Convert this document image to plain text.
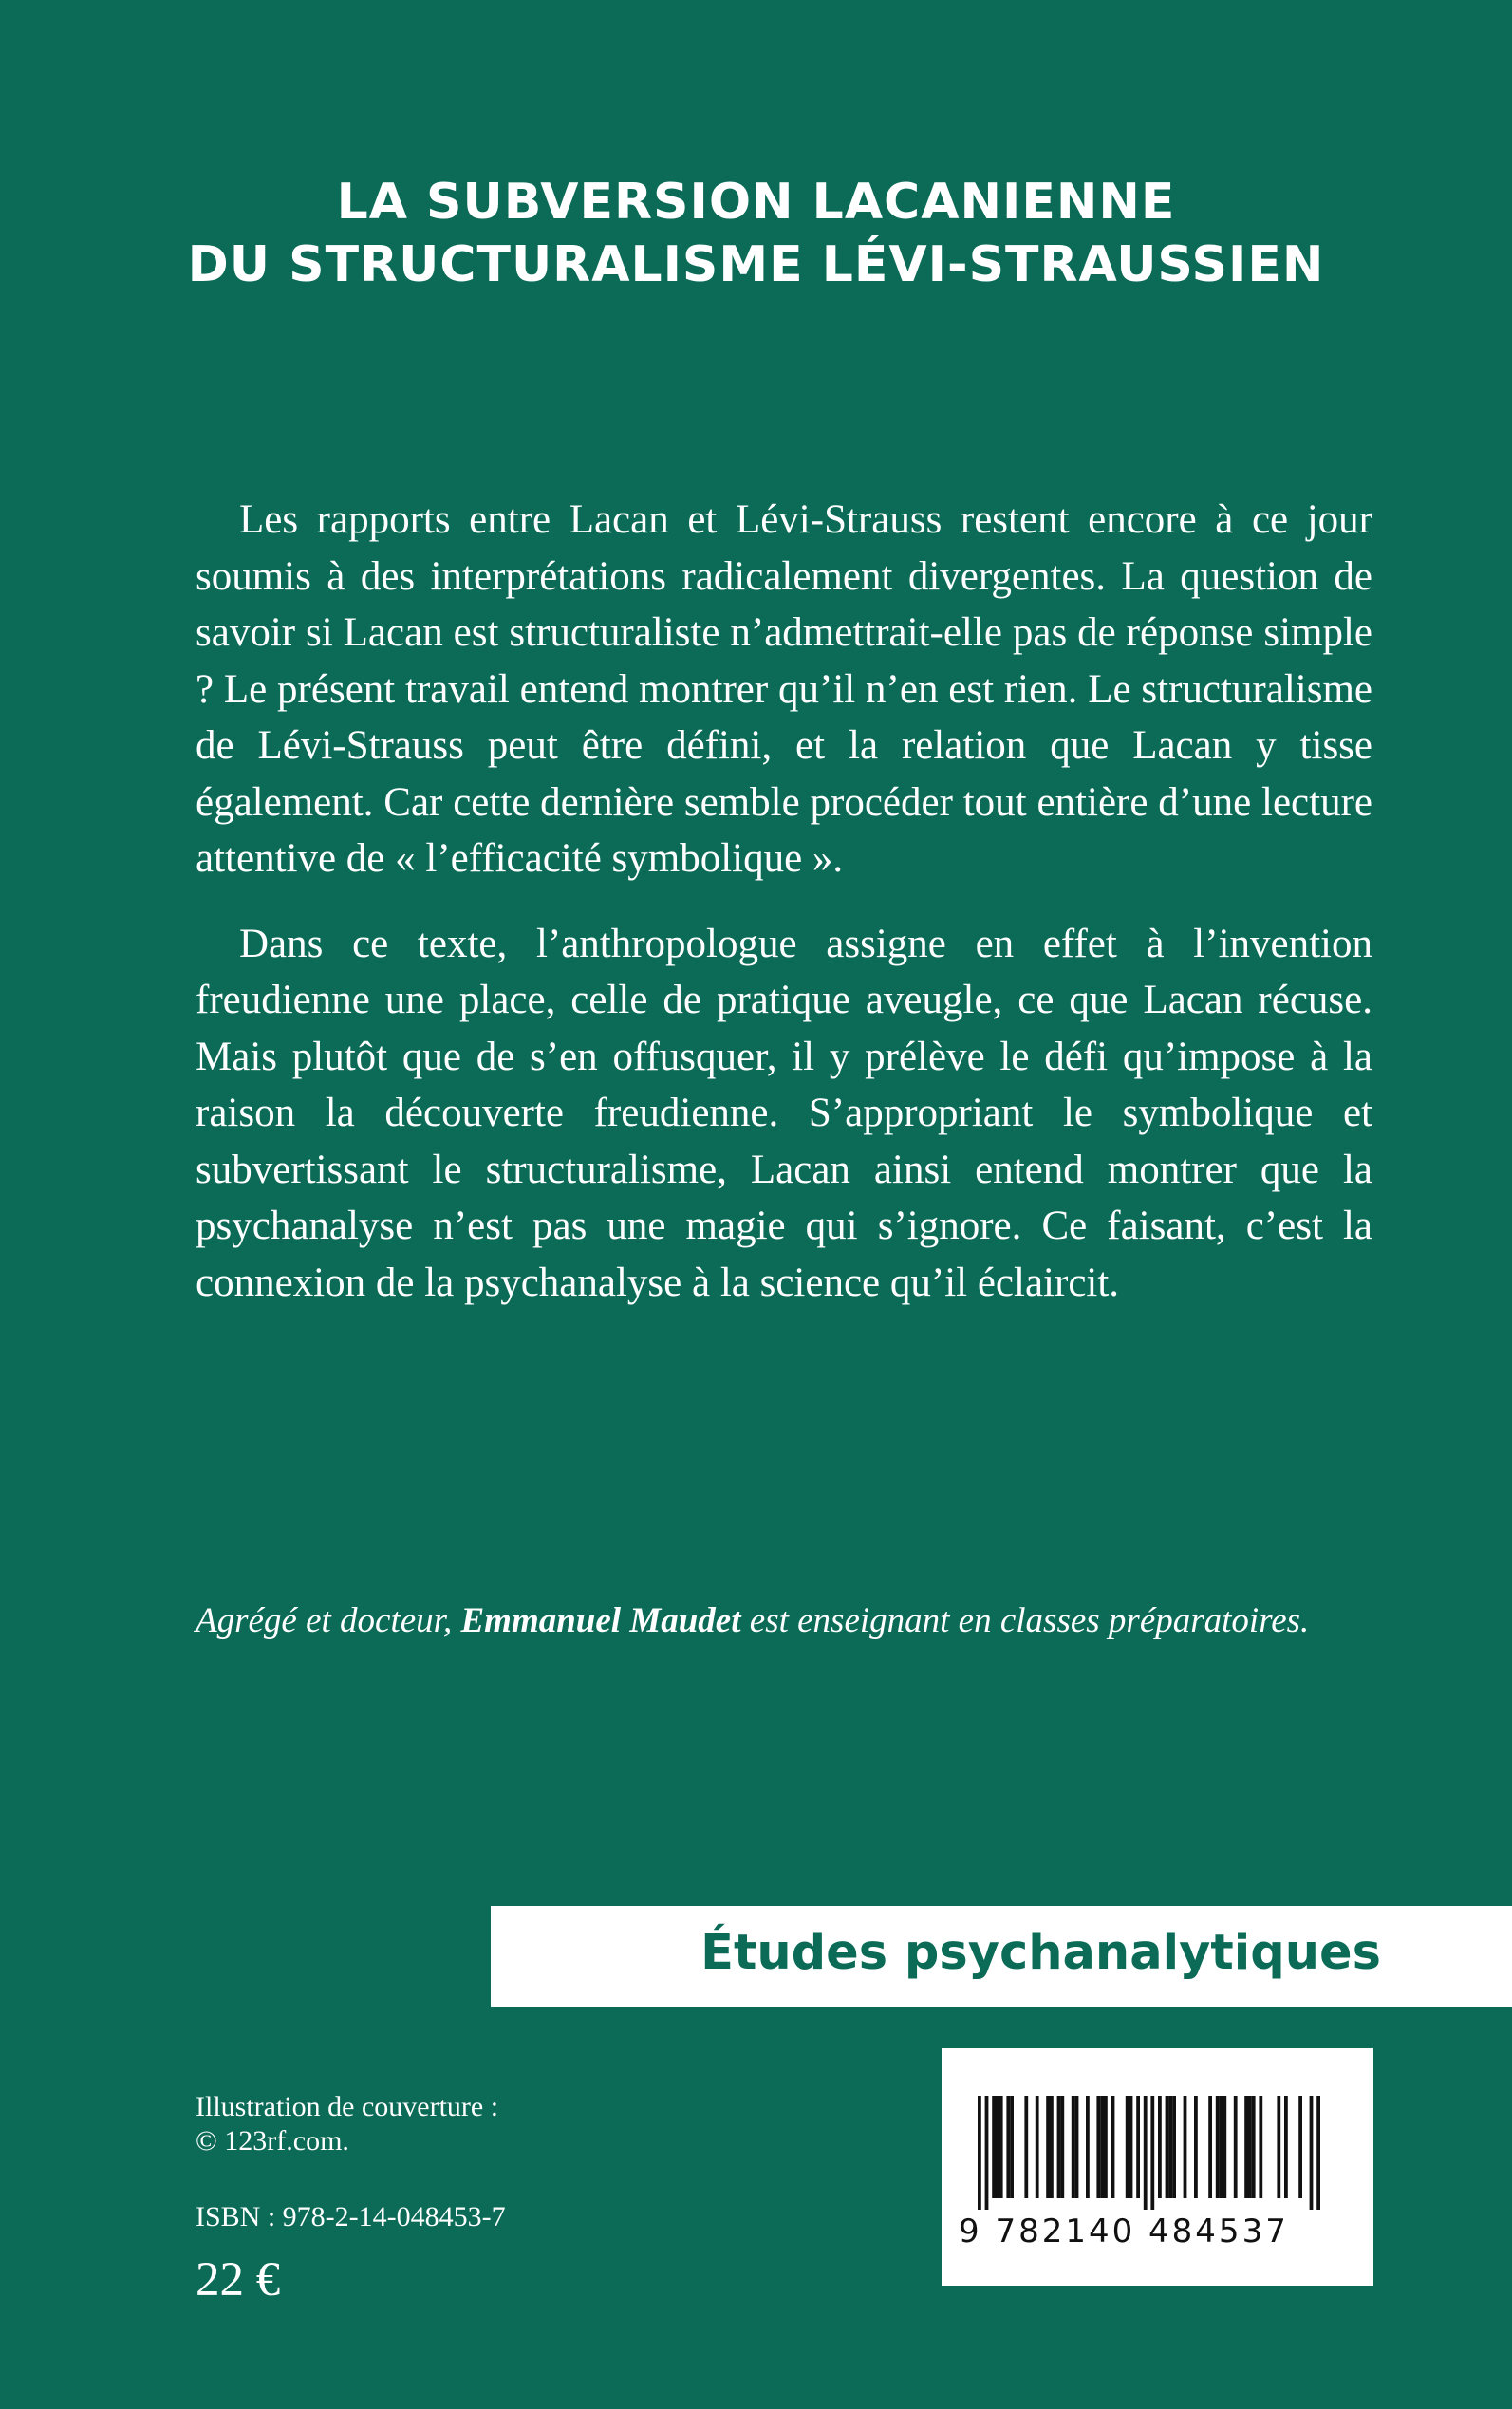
LA SUBVERSION LACANIENNE
DU STRUCTURALISME LÉVI-STRAUSSIEN

Les rapports entre Lacan et Lévi-Strauss restent encore à ce jour soumis à des interprétations radicalement divergentes. La question de savoir si Lacan est structuraliste n’admettrait-elle pas de réponse simple ? Le présent travail entend montrer qu’il n’en est rien. Le structuralisme de Lévi-Strauss peut être défini, et la relation que Lacan y tisse également. Car cette dernière semble procéder tout entière d’une lecture attentive de « l’efficacité symbolique ».

Dans ce texte, l’anthropologue assigne en effet à l’invention freudienne une place, celle de pratique aveugle, ce que Lacan récuse. Mais plutôt que de s’en offusquer, il y prélève le défi qu’impose à la raison la découverte freudienne. S’appropriant le symbolique et subvertissant le structuralisme, Lacan ainsi entend montrer que la psychanalyse n’est pas une magie qui s’ignore. Ce faisant, c’est la connexion de la psychanalyse à la science qu’il éclaircit.

Agrégé et docteur, Emmanuel Maudet est enseignant en classes préparatoires.
Études psychanalytiques
Illustration de couverture :
© 123rf.com.
ISBN : 978-2-14-048453-7
22 €
9 782140 484537
